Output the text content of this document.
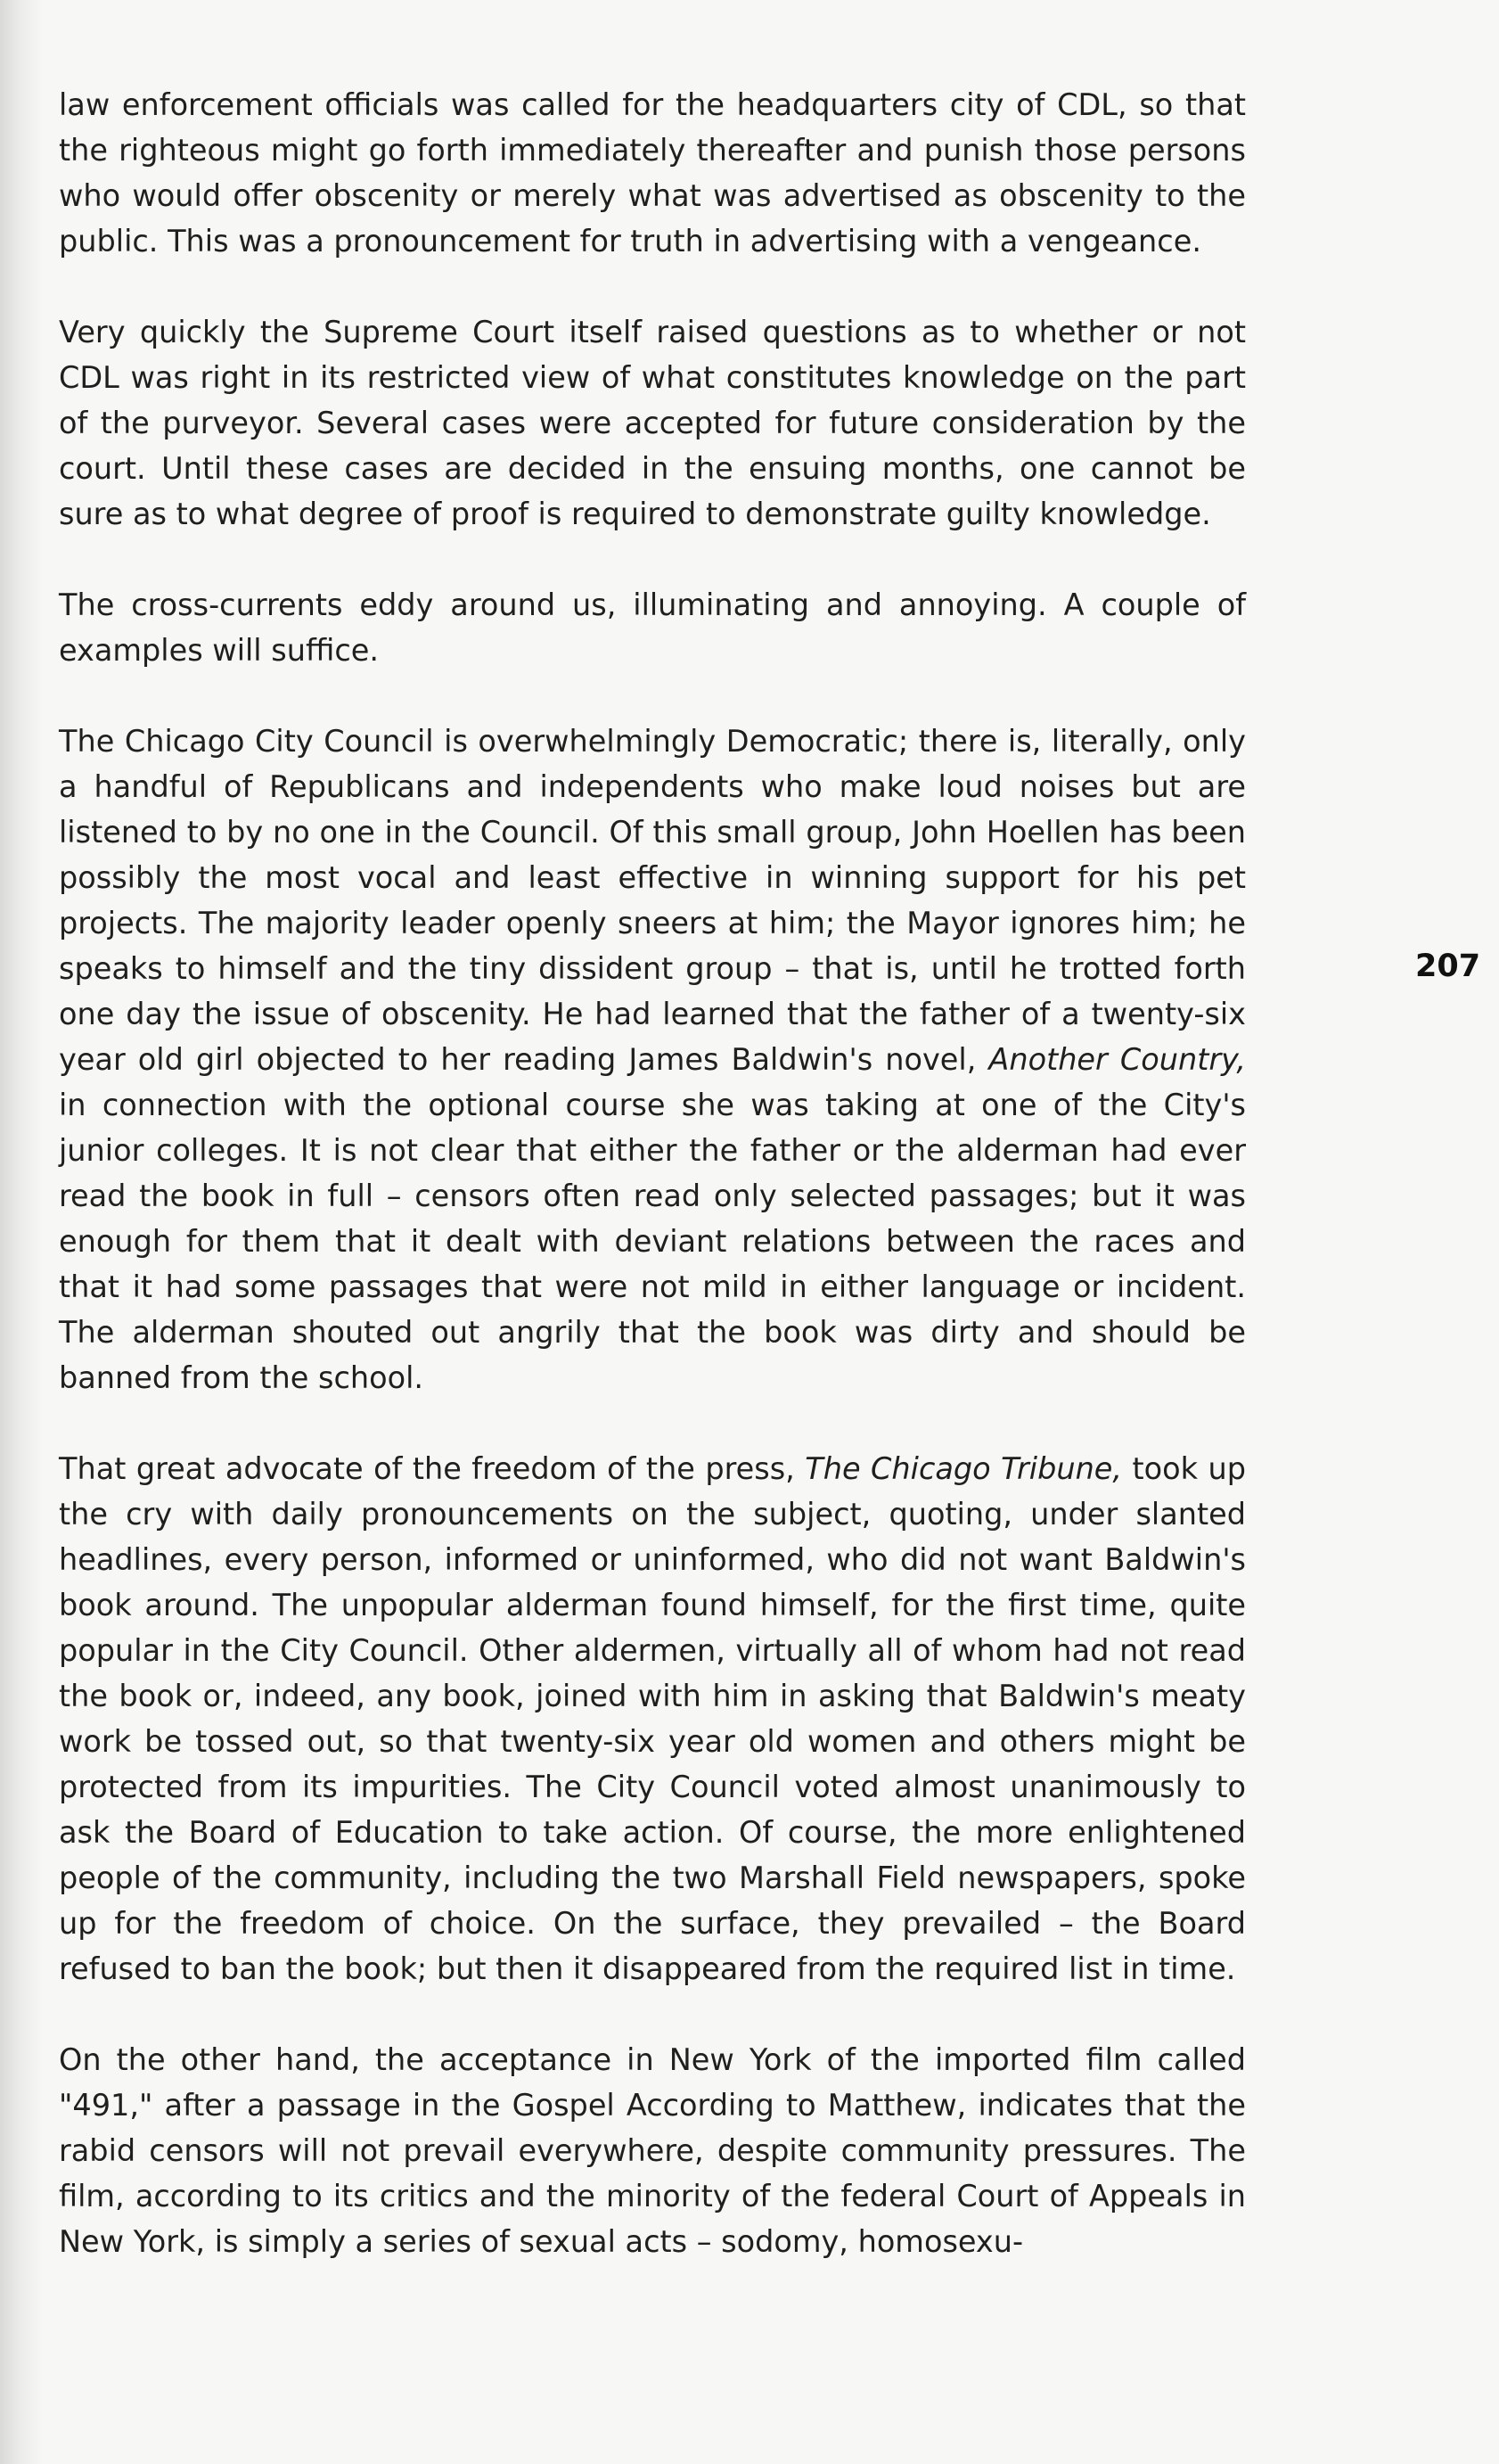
law enforcement officials was called for the headquarters city of CDL, so that the righteous might go forth immediately thereafter and punish those persons who would offer obscenity or merely what was advertised as obscenity to the public. This was a pronouncement for truth in advertising with a vengeance.

Very quickly the Supreme Court itself raised questions as to whether or not CDL was right in its restricted view of what constitutes knowledge on the part of the purveyor. Several cases were accepted for future consideration by the court. Until these cases are decided in the ensuing months, one cannot be sure as to what degree of proof is required to demonstrate guilty knowledge.

The cross-currents eddy around us, illuminating and annoying. A couple of examples will suffice.

The Chicago City Council is overwhelmingly Democratic; there is, literally, only a handful of Republicans and independents who make loud noises but are listened to by no one in the Council. Of this small group, John Hoellen has been possibly the most vocal and least effective in winning support for his pet projects. The majority leader openly sneers at him; the Mayor ignores him; he speaks to himself and the tiny dissident group – that is, until he trotted forth one day the issue of obscenity. He had learned that the father of a twenty-six year old girl objected to her reading James Baldwin's novel, Another Country, in connection with the optional course she was taking at one of the City's junior colleges. It is not clear that either the father or the alderman had ever read the book in full – censors often read only selected passages; but it was enough for them that it dealt with deviant relations between the races and that it had some passages that were not mild in either language or incident. The alderman shouted out angrily that the book was dirty and should be banned from the school.

That great advocate of the freedom of the press, The Chicago Tribune, took up the cry with daily pronouncements on the subject, quoting, under slanted headlines, every person, informed or uninformed, who did not want Baldwin's book around. The unpopular alderman found himself, for the first time, quite popular in the City Council. Other aldermen, virtually all of whom had not read the book or, indeed, any book, joined with him in asking that Baldwin's meaty work be tossed out, so that twenty-six year old women and others might be protected from its impurities. The City Council voted almost unanimously to ask the Board of Education to take action. Of course, the more enlightened people of the community, including the two Marshall Field newspapers, spoke up for the freedom of choice. On the surface, they prevailed – the Board refused to ban the book; but then it disappeared from the required list in time.

On the other hand, the acceptance in New York of the imported film called "491," after a passage in the Gospel According to Matthew, indicates that the rabid censors will not prevail everywhere, despite community pressures. The film, according to its critics and the minority of the federal Court of Appeals in New York, is simply a series of sexual acts – sodomy, homosexu-

207
